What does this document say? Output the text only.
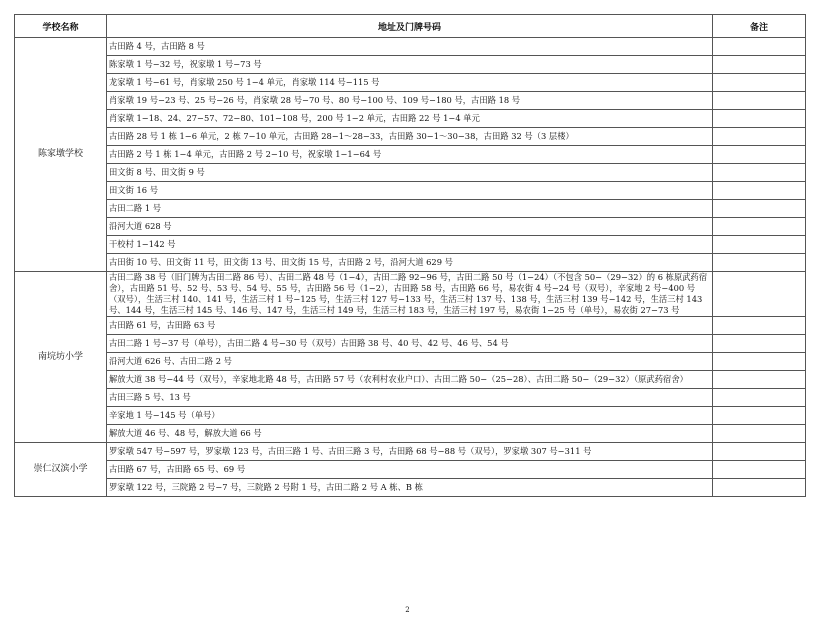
学校名称	地址及门牌号码	备注
陈家墩学校	古田路 4 号，古田路 8 号	
	陈家墩 1 号−32 号，祝家墩 1 号−73 号	
	龙家墩 1 号−61 号，肖家墩 250 号 1−4 单元，肖家墩 114 号−115 号	
	肖家墩 19 号−23 号、25 号−26 号，肖家墩 28 号−70 号、80 号−100 号、109 号−180 号，古田路 18 号	
	肖家墩 1−18、24、27−57、72−80、101−108 号，200 号 1−2 单元，古田路 22 号 1−4 单元	
	古田路 28 号 1 栋 1−6 单元，2 栋 7−10 单元，古田路 28−1～28−33，古田路 30−1～30−38，古田路 32 号（3 层楼）	
	古田路 2 号 1 栋 1−4 单元，古田路 2 号 2−10 号，祝家墩 1−1−64 号	
	田文街 8 号、田文街 9 号	
	田文街 16 号	
	古田二路 1 号	
	沿河大道 628 号	
	干校村 1−142 号	
	古田街 10 号、田文街 11 号，田文街 13 号、田文街 15 号，古田路 2 号，沿河大道 629 号	
南垸坊小学	古田二路 38 号（旧门牌为古田二路 86 号）、古田二路 48 号（1−4），古田二路 92−96 号，古田二路 50 号（1−24）（不包含 50−（29−32）的 6 栋原武药宿舍），古田路 51 号、52 号、53 号、54 号、55 号，古田路 56 号（1−2），古田路 58 号，古田路 66 号，易农街 4 号−24 号（双号），辛家地 2 号−400 号（双号），生活三村 140、141 号，生活三村 1 号−125 号，生活三村 127 号−133 号，生活三村 137 号、138 号，生活三村 139 号−142 号，生活三村 143 号、144 号，生活三村 145 号、146 号、147 号，生活三村 149 号，生活三村 183 号，生活三村 197 号，易农街 1−25 号（单号），易农街 27−73 号	
	古田路 61 号，古田路 63 号	
	古田二路 1 号−37 号（单号），古田二路 4 号−30 号（双号）古田路 38 号、40 号、42 号、46 号、54 号	
	沿河大道 626 号、古田二路 2 号	
	解放大道 38 号−44 号（双号），辛家地北路 48 号，古田路 57 号（农利村农业户口）、古田二路 50−（25−28）、古田二路 50−（29−32）（原武药宿舍）	
	古田三路 5 号、13 号	
	辛家地 1 号−145 号（单号）	
	解放大道 46 号、48 号，解放大道 66 号	
崇仁汉滨小学	罗家墩 547 号−597 号，罗家墩 123 号，古田三路 1 号、古田三路 3 号，古田路 68 号−88 号（双号），罗家墩 307 号−311 号	
	古田路 67 号，古田路 65 号、69 号	
	罗家墩 122 号，三院路 2 号−7 号，三院路 2 号附 1 号，古田二路 2 号 A 栋、B 栋	
2
